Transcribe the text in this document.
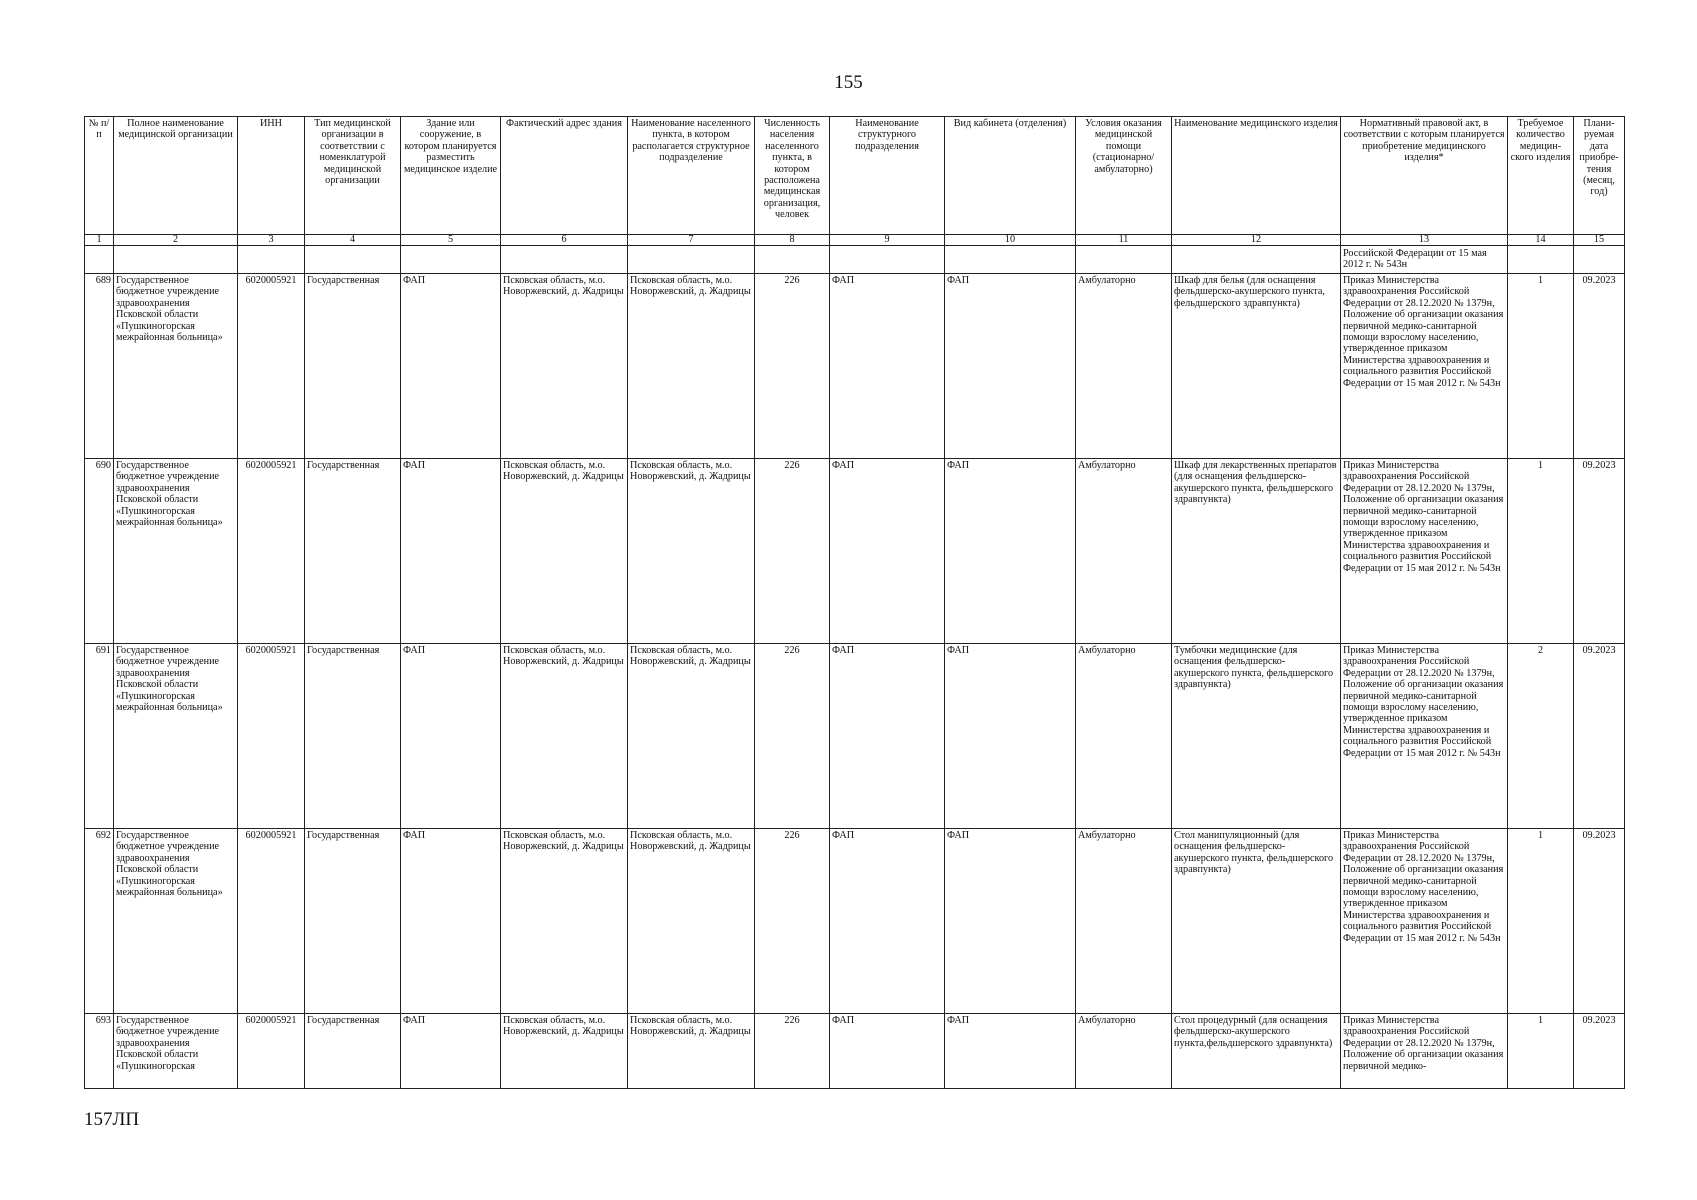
155
№ п/п	Полное наименование медицинской организации	ИНН	Тип медицинской организации в соответствии с номенклатурой медицинской организации	Здание или сооружение, в котором планируется разместить медицинское изделие	Фактический адрес здания	Наименование населенного пункта, в котором располагается структурное подразделение	Численность населения населенного пункта, в котором расположена медицинская организация, человек	Наименование структурного подразделения	Вид кабинета (отделения)	Условия оказания медицинской помощи (стационарно/ амбулаторно)	Наименование медицинского изделия	Нормативный правовой акт, в соответствии с которым планируется приобретение медицинского изделия*	Требуемое количество медицин-ского изделия	Плани-руемая дата приобре-тения (месяц, год)
1	2	3	4	5	6	7	8	9	10	11	12	13	14	15

												Российской Федерации от 15 мая 2012 г. № 543н		

689	Государственное бюджетное учреждение здравоохранения Псковской области «Пушкиногорская межрайонная больница»	6020005921	Государственная	ФАП	Псковская область, м.о. Новоржевский, д. Жадрицы	Псковская область, м.о. Новоржевский, д. Жадрицы	226	ФАП	ФАП	Амбулаторно	Шкаф для белья (для оснащения фельдшерско-акушерского пункта, фельдшерского здравпункта)	Приказ Министерства здравоохранения Российской Федерации от 28.12.2020 № 1379н, Положение об организации оказания первичной медико-санитарной помощи взрослому населению, утвержденное приказом Министерства здравоохранения и социального развития Российской Федерации от 15 мая 2012 г. № 543н	1	09.2023
690	Государственное бюджетное учреждение здравоохранения Псковской области «Пушкиногорская межрайонная больница»	6020005921	Государственная	ФАП	Псковская область, м.о. Новоржевский, д. Жадрицы	Псковская область, м.о. Новоржевский, д. Жадрицы	226	ФАП	ФАП	Амбулаторно	Шкаф для лекарственных препаратов (для оснащения фельдшерско-акушерского пункта, фельдшерского здравпункта)	Приказ Министерства здравоохранения Российской Федерации от 28.12.2020 № 1379н, Положение об организации оказания первичной медико-санитарной помощи взрослому населению, утвержденное приказом Министерства здравоохранения и социального развития Российской Федерации от 15 мая 2012 г. № 543н	1	09.2023
691	Государственное бюджетное учреждение здравоохранения Псковской области «Пушкиногорская межрайонная больница»	6020005921	Государственная	ФАП	Псковская область, м.о. Новоржевский, д. Жадрицы	Псковская область, м.о. Новоржевский, д. Жадрицы	226	ФАП	ФАП	Амбулаторно	Тумбочки медицинские (для оснащения фельдшерско-акушерского пункта, фельдшерского здравпункта)	Приказ Министерства здравоохранения Российской Федерации от 28.12.2020 № 1379н, Положение об организации оказания первичной медико-санитарной помощи взрослому населению, утвержденное приказом Министерства здравоохранения и социального развития Российской Федерации от 15 мая 2012 г. № 543н	2	09.2023
692	Государственное бюджетное учреждение здравоохранения Псковской области «Пушкиногорская межрайонная больница»	6020005921	Государственная	ФАП	Псковская область, м.о. Новоржевский, д. Жадрицы	Псковская область, м.о. Новоржевский, д. Жадрицы	226	ФАП	ФАП	Амбулаторно	Стол манипуляционный (для оснащения фельдшерско-акушерского пункта, фельдшерского здравпункта)	Приказ Министерства здравоохранения Российской Федерации от 28.12.2020 № 1379н, Положение об организации оказания первичной медико-санитарной помощи взрослому населению, утвержденное приказом Министерства здравоохранения и социального развития Российской Федерации от 15 мая 2012 г. № 543н	1	09.2023
693	Государственное бюджетное учреждение здравоохранения Псковской области «Пушкиногорская	6020005921	Государственная	ФАП	Псковская область, м.о. Новоржевский, д. Жадрицы	Псковская область, м.о. Новоржевский, д. Жадрицы	226	ФАП	ФАП	Амбулаторно	Стол процедурный (для оснащения фельдшерско-акушерского пункта,фельдшерского здравпункта)	Приказ Министерства здравоохранения Российской Федерации от 28.12.2020 № 1379н, Положение об организации оказания первичной медико-	1	09.2023
157ЛП
